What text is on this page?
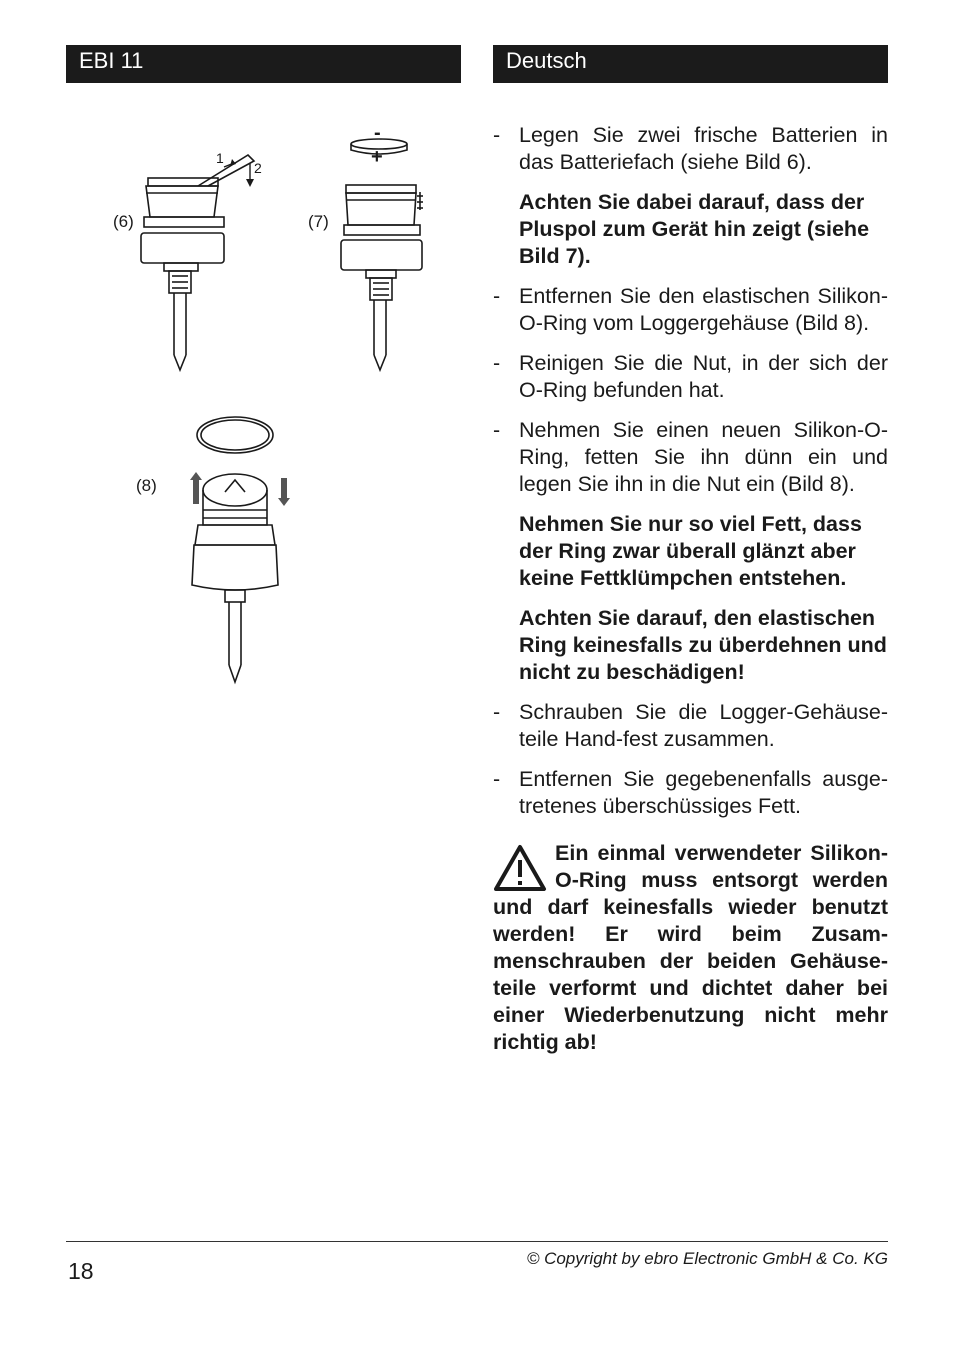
EBI 11	Deutsch
(6)
1
2
(7)
-
+
(8)
- Legen Sie zwei frische Batterien in das Batteriefach (siehe Bild 6).
Achten Sie dabei darauf, dass der Pluspol zum Gerät hin zeigt (siehe Bild 7).
- Entfernen Sie den elastischen Silikon-O-Ring vom Loggergehäuse (Bild 8).
- Reinigen Sie die Nut, in der sich der O-Ring befunden hat.
- Nehmen Sie einen neuen Silikon-O-Ring, fetten Sie ihn dünn ein und legen Sie ihn in die Nut ein (Bild 8).
Nehmen Sie nur so viel Fett, dass der Ring zwar überall glänzt aber keine Fettklümpchen entstehen.
Achten Sie darauf, den elastischen Ring keinesfalls zu überdehnen und nicht zu beschädigen!
- Schrauben Sie die Logger-Gehäuse-teile Hand-fest zusammen.
- Entfernen Sie gegebenenfalls ausge-tretenes überschüssiges Fett.
Ein einmal verwendeter Silikon-O-Ring muss entsorgt werden und darf keinesfalls wieder benutzt werden! Er wird beim Zusam-menschrauben der beiden Gehäuse-teile verformt und dichtet daher bei einer Wiederbenutzung nicht mehr richtig ab!
18	© Copyright by ebro Electronic GmbH & Co. KG
